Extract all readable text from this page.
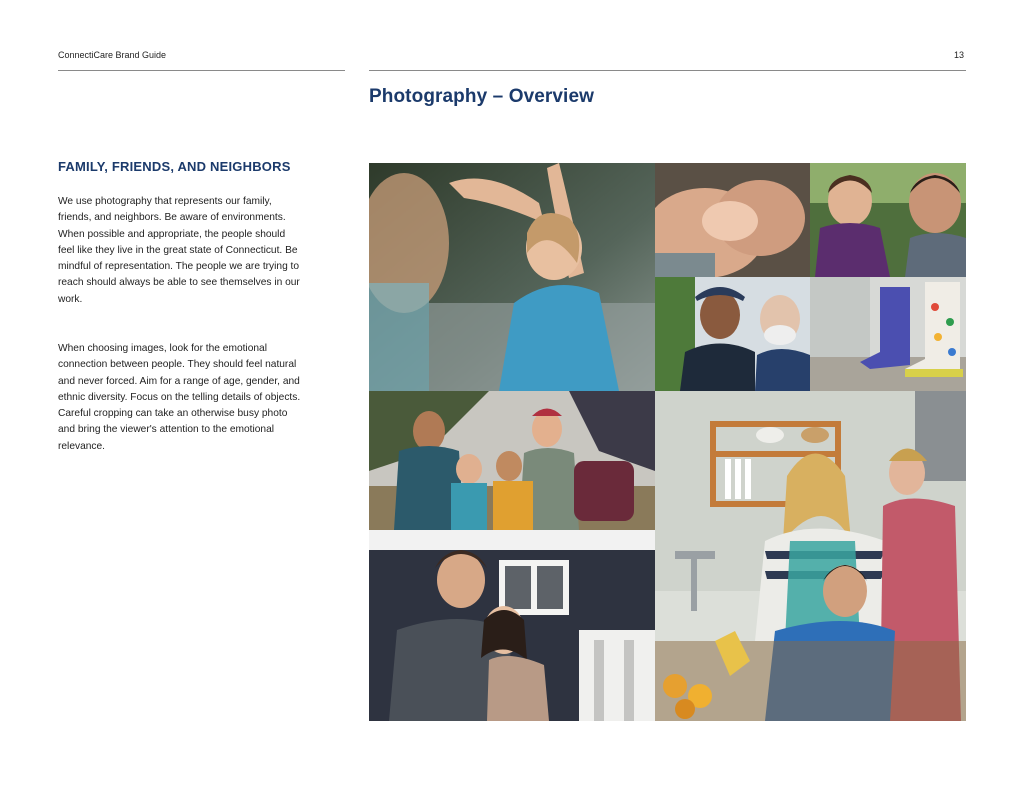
ConnectiCare Brand Guide	13
Photography – Overview
FAMILY, FRIENDS, AND NEIGHBORS

We use photography that represents our family, friends, and neighbors. Be aware of environments. When possible and appropriate, the people should feel like they live in the great state of Connecticut. Be mindful of representation. The people we are trying to reach should always be able to see themselves in our work.

When choosing images, look for the emotional connection between people. They should feel natural and never forced. Aim for a range of age, gender, and ethnic diversity. Focus on the telling details of objects. Careful cropping can take an otherwise busy photo and bring the viewer's attention to the emotional relevance.
